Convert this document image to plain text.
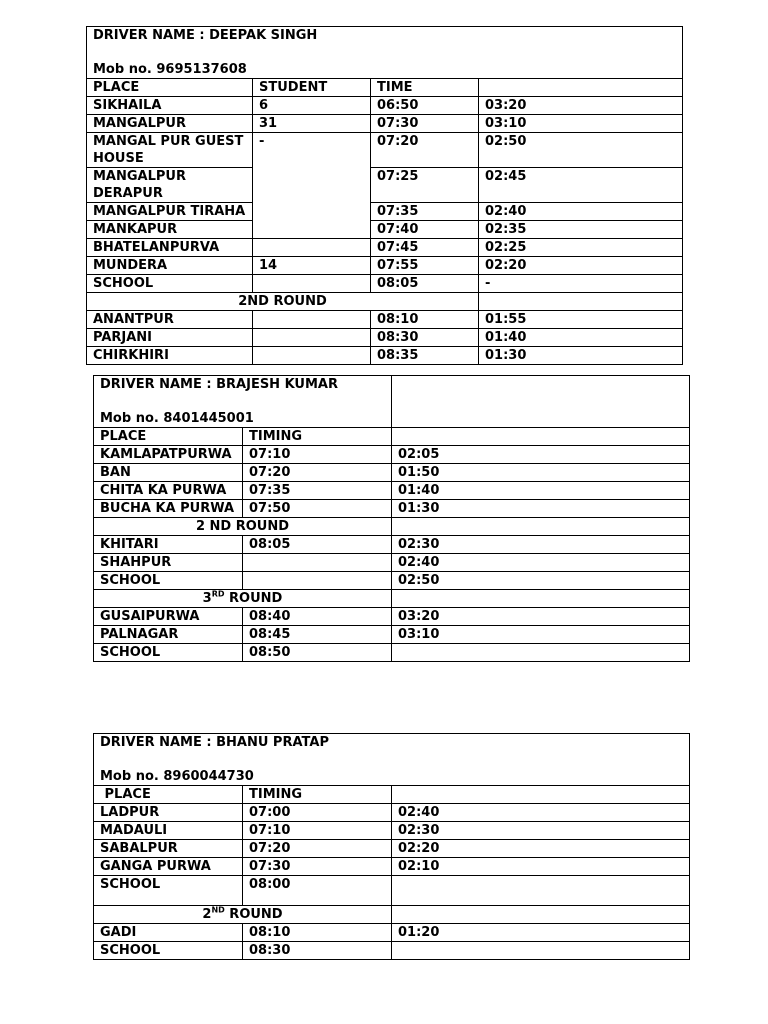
DRIVER NAME : DEEPAK SINGH
Mob no. 9695137608			

PLACE	STUDENT	TIME	
SIKHAILA	6	06:50	03:20
MANGALPUR	31	07:30	03:10
MANGAL PUR GUEST HOUSE	-	07:20	02:50
MANGALPUR DERAPUR		07:25	02:45
MANGALPUR TIRAHA		07:35	02:40
MANKAPUR		07:40	02:35
BHATELANPURVA		07:45	02:25
MUNDERA	14	07:55	02:20
SCHOOL		08:05	-
2ND ROUND			
ANANTPUR		08:10	01:55
PARJANI		08:30	01:40
CHIRKHIRI		08:35	01:30
DRIVER NAME : BRAJESH KUMAR
Mob no. 8401445001		

PLACE	TIMING	
KAMLAPATPURWA	07:10	02:05
BAN	07:20	01:50
CHITA KA PURWA	07:35	01:40
BUCHA KA PURWA	07:50	01:30
2 ND ROUND		
KHITARI	08:05	02:30
SHAHPUR		02:40
SCHOOL		02:50
3RD ROUND		
GUSAIPURWA	08:40	03:20
PALNAGAR	08:45	03:10
SCHOOL	08:50	
DRIVER NAME : BHANU PRATAP
Mob no. 8960044730		

PLACE	TIMING	
LADPUR	07:00	02:40
MADAULI	07:10	02:30
SABALPUR	07:20	02:20
GANGA PURWA	07:30	02:10
SCHOOL	08:00	
2ND ROUND		
GADI	08:10	01:20
SCHOOL	08:30	
